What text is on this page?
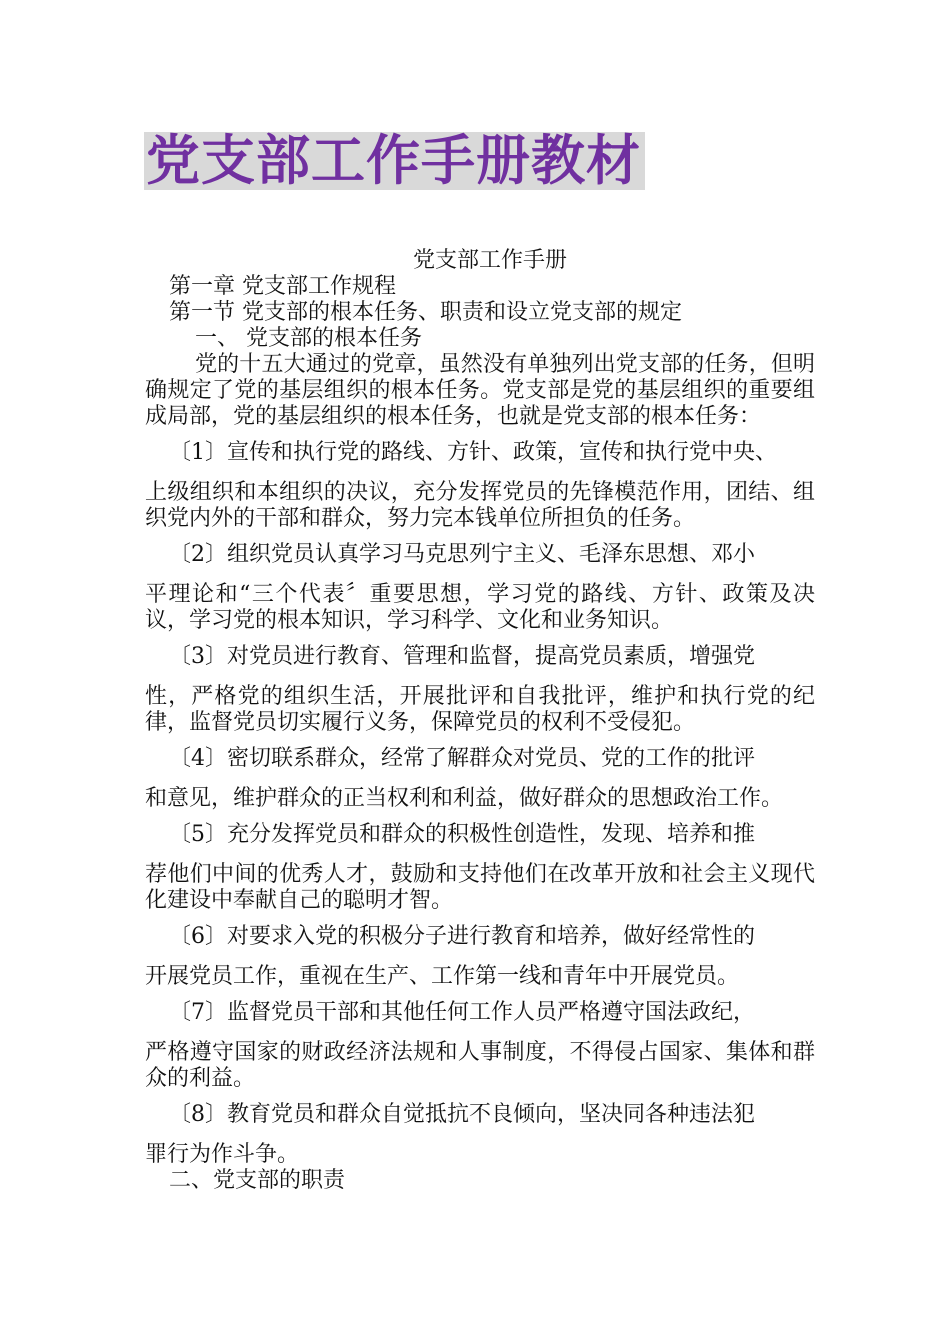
党支部工作手册教材
党支部工作手册
第一章 党支部工作规程
第一节 党支部的根本任务、职责和设立党支部的规定
一、 党支部的根本任务
党的十五大通过的党章，虽然没有单独列出党支部的任务，但明确规定了党的基层组织的根本任务。党支部是党的基层组织的重要组成局部，党的基层组织的根本任务，也就是党支部的根本任务：
〔1〕宣传和执行党的路线、方针、政策，宣传和执行党中央、
上级组织和本组织的决议，充分发挥党员的先锋模范作用，团结、组织党内外的干部和群众，努力完本钱单位所担负的任务。
〔2〕组织党员认真学习马克思列宁主义、毛泽东思想、邓小
平理论和“三个代表〞重要思想，学习党的路线、方针、政策及决议，学习党的根本知识，学习科学、文化和业务知识。
〔3〕对党员进行教育、管理和监督，提高党员素质，增强党
性，严格党的组织生活，开展批评和自我批评，维护和执行党的纪律，监督党员切实履行义务，保障党员的权利不受侵犯。
〔4〕密切联系群众，经常了解群众对党员、党的工作的批评
和意见，维护群众的正当权利和利益，做好群众的思想政治工作。
〔5〕充分发挥党员和群众的积极性创造性，发现、培养和推
荐他们中间的优秀人才，鼓励和支持他们在改革开放和社会主义现代化建设中奉献自己的聪明才智。
〔6〕对要求入党的积极分子进行教育和培养，做好经常性的
开展党员工作，重视在生产、工作第一线和青年中开展党员。
〔7〕监督党员干部和其他任何工作人员严格遵守国法政纪，
严格遵守国家的财政经济法规和人事制度，不得侵占国家、集体和群众的利益。
〔8〕教育党员和群众自觉抵抗不良倾向，坚决同各种违法犯
罪行为作斗争。
二、党支部的职责
